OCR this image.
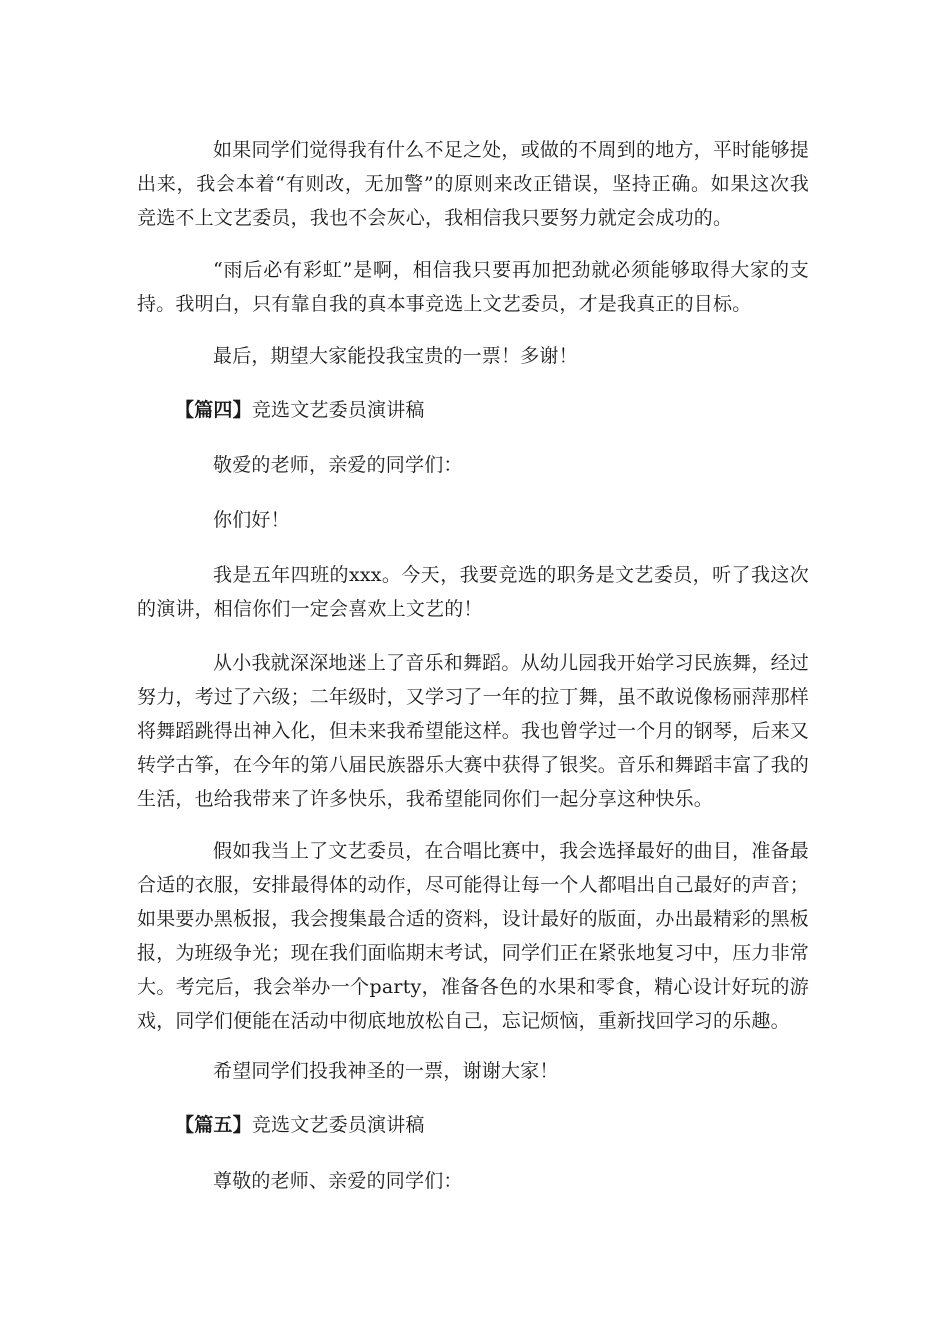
如果同学们觉得我有什么不足之处，或做的不周到的地方，平时能够提出来，我会本着“有则改，无加警”的原则来改正错误，坚持正确。如果这次我竞选不上文艺委员，我也不会灰心，我相信我只要努力就定会成功的。

“雨后必有彩虹”是啊，相信我只要再加把劲就必须能够取得大家的支持。我明白，只有靠自我的真本事竞选上文艺委员，才是我真正的目标。

最后，期望大家能投我宝贵的一票！多谢！

【篇四】竞选文艺委员演讲稿

敬爱的老师，亲爱的同学们：

你们好！

我是五年四班的xxx。今天，我要竞选的职务是文艺委员，听了我这次的演讲，相信你们一定会喜欢上文艺的！

从小我就深深地迷上了音乐和舞蹈。从幼儿园我开始学习民族舞，经过努力，考过了六级；二年级时，又学习了一年的拉丁舞，虽不敢说像杨丽萍那样将舞蹈跳得出神入化，但未来我希望能这样。我也曾学过一个月的钢琴，后来又转学古筝，在今年的第八届民族器乐大赛中获得了银奖。音乐和舞蹈丰富了我的生活，也给我带来了许多快乐，我希望能同你们一起分享这种快乐。

假如我当上了文艺委员，在合唱比赛中，我会选择最好的曲目，准备最合适的衣服，安排最得体的动作，尽可能得让每一个人都唱出自己最好的声音；如果要办黑板报，我会搜集最合适的资料，设计最好的版面，办出最精彩的黑板报，为班级争光；现在我们面临期末考试，同学们正在紧张地复习中，压力非常大。考完后，我会举办一个party，准备各色的水果和零食，精心设计好玩的游戏，同学们便能在活动中彻底地放松自己，忘记烦恼，重新找回学习的乐趣。

希望同学们投我神圣的一票，谢谢大家！

【篇五】竞选文艺委员演讲稿

尊敬的老师、亲爱的同学们：
